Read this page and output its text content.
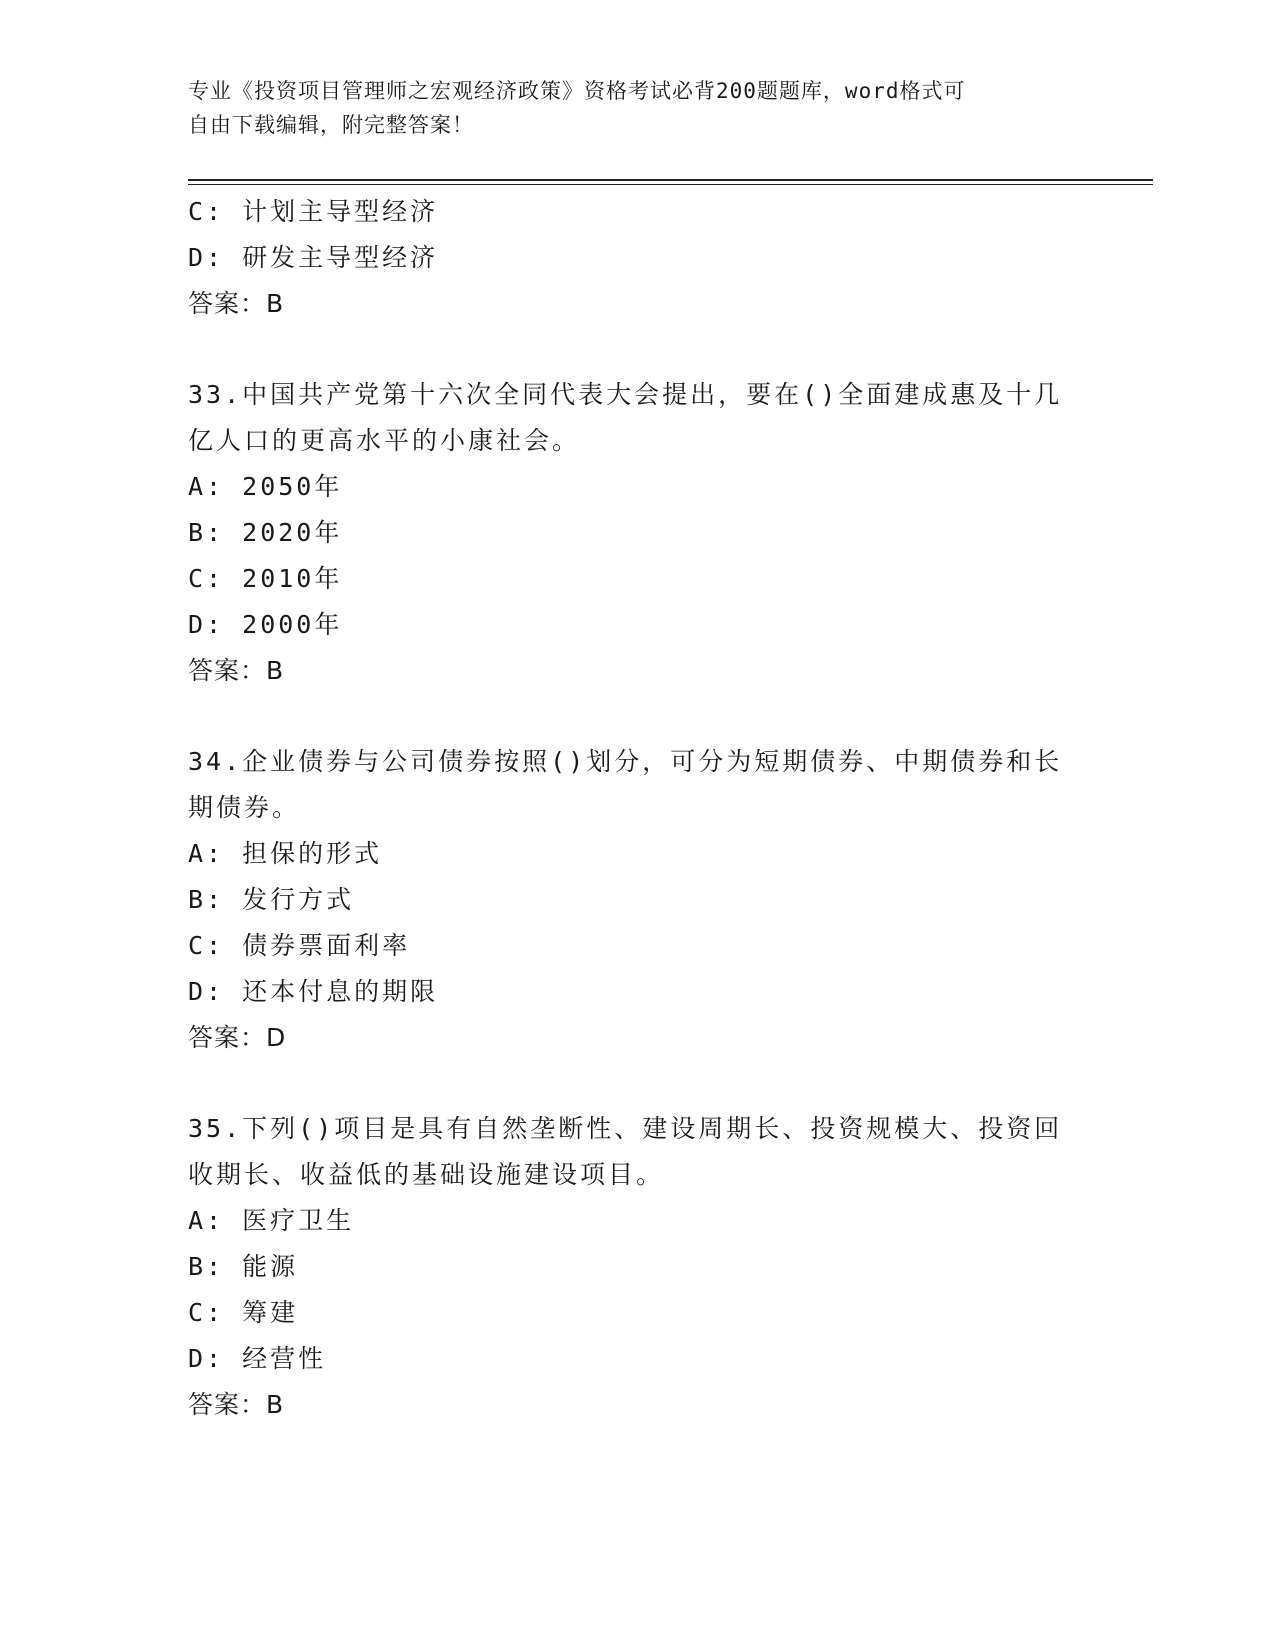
专业《投资项目管理师之宏观经济政策》资格考试必背200题题库，word格式可
自由下载编辑，附完整答案！
C: 计划主导型经济
D: 研发主导型经济
答案：B
33.中国共产党第十六次全同代表大会提出，要在()全面建成惠及十几
亿人口的更高水平的小康社会。
A: 2050年
B: 2020年
C: 2010年
D: 2000年
答案：B
34.企业债券与公司债券按照()划分，可分为短期债券、中期债券和长
期债券。
A: 担保的形式
B: 发行方式
C: 债券票面利率
D: 还本付息的期限
答案：D
35.下列()项目是具有自然垄断性、建设周期长、投资规模大、投资回
收期长、收益低的基础设施建设项目。
A: 医疗卫生
B: 能源
C: 筹建
D: 经营性
答案：B
